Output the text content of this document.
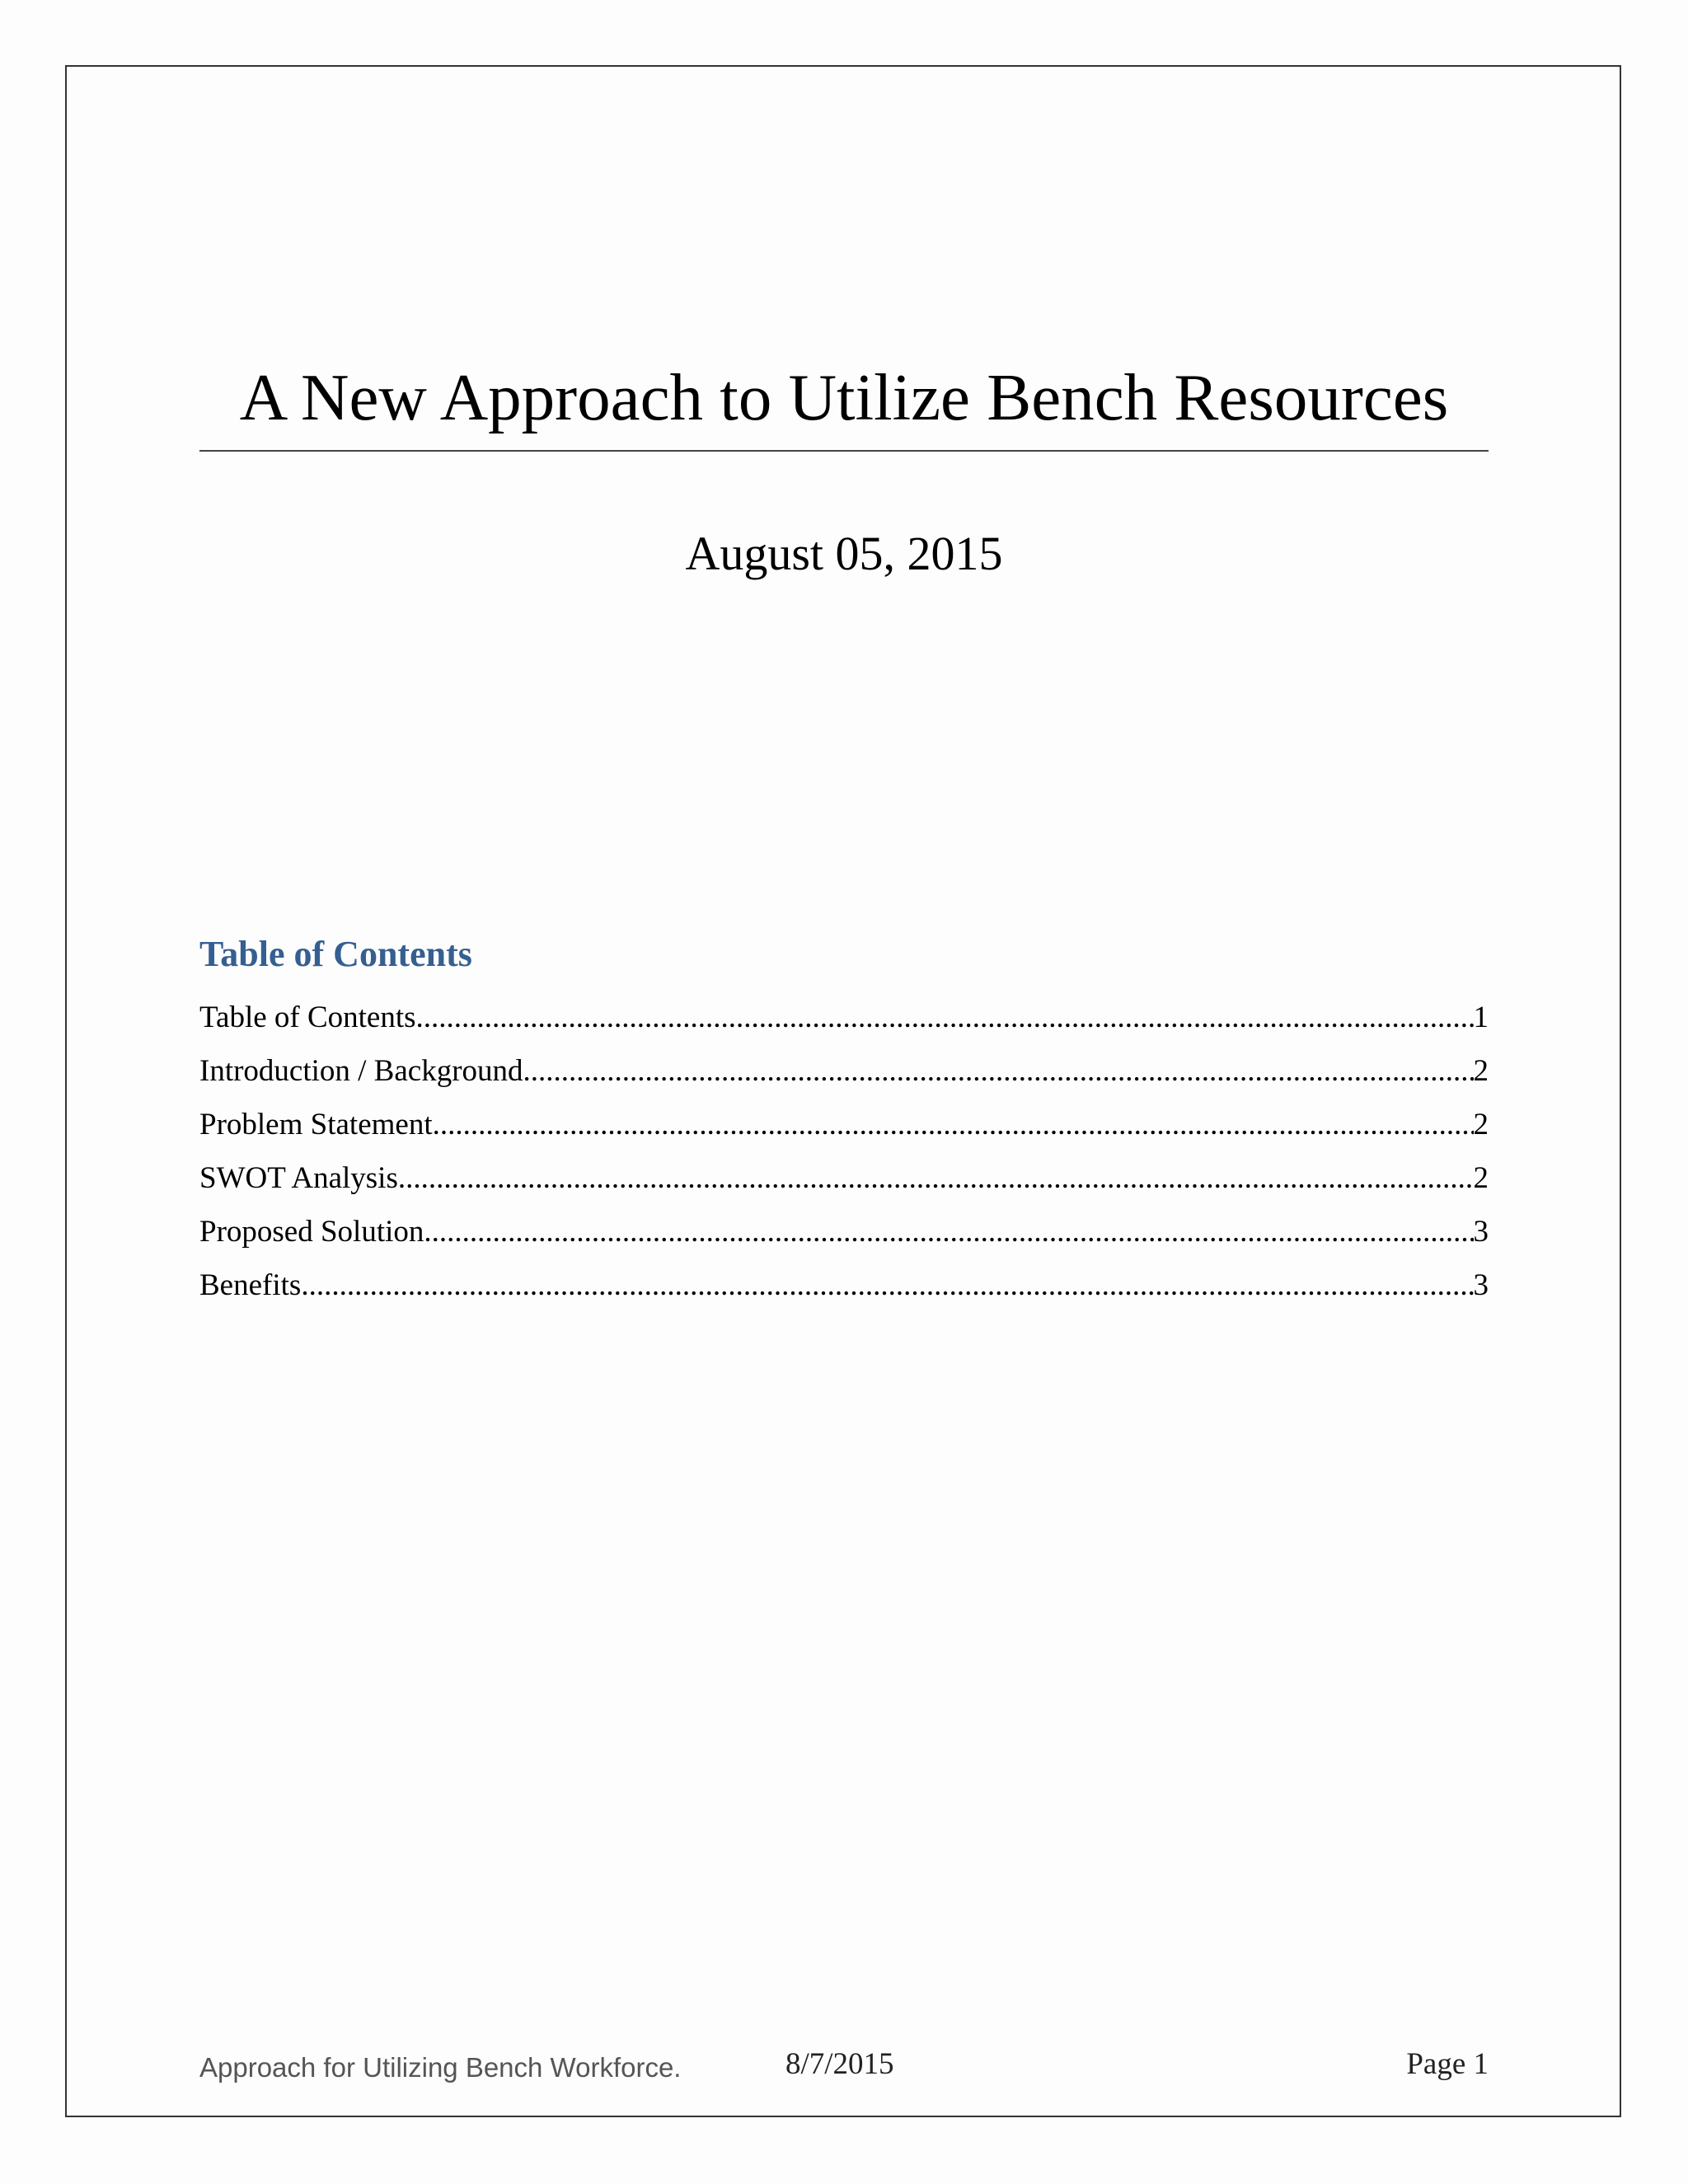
A New Approach to Utilize Bench Resources
August 05, 2015
Table of Contents
Table of Contents .....	1
Introduction / Background .....	2
Problem Statement .....	2
SWOT Analysis .....	2
Proposed Solution .....	3
Benefits .....	3
Approach for Utilizing Bench Workforce.	8/7/2015	Page 1
